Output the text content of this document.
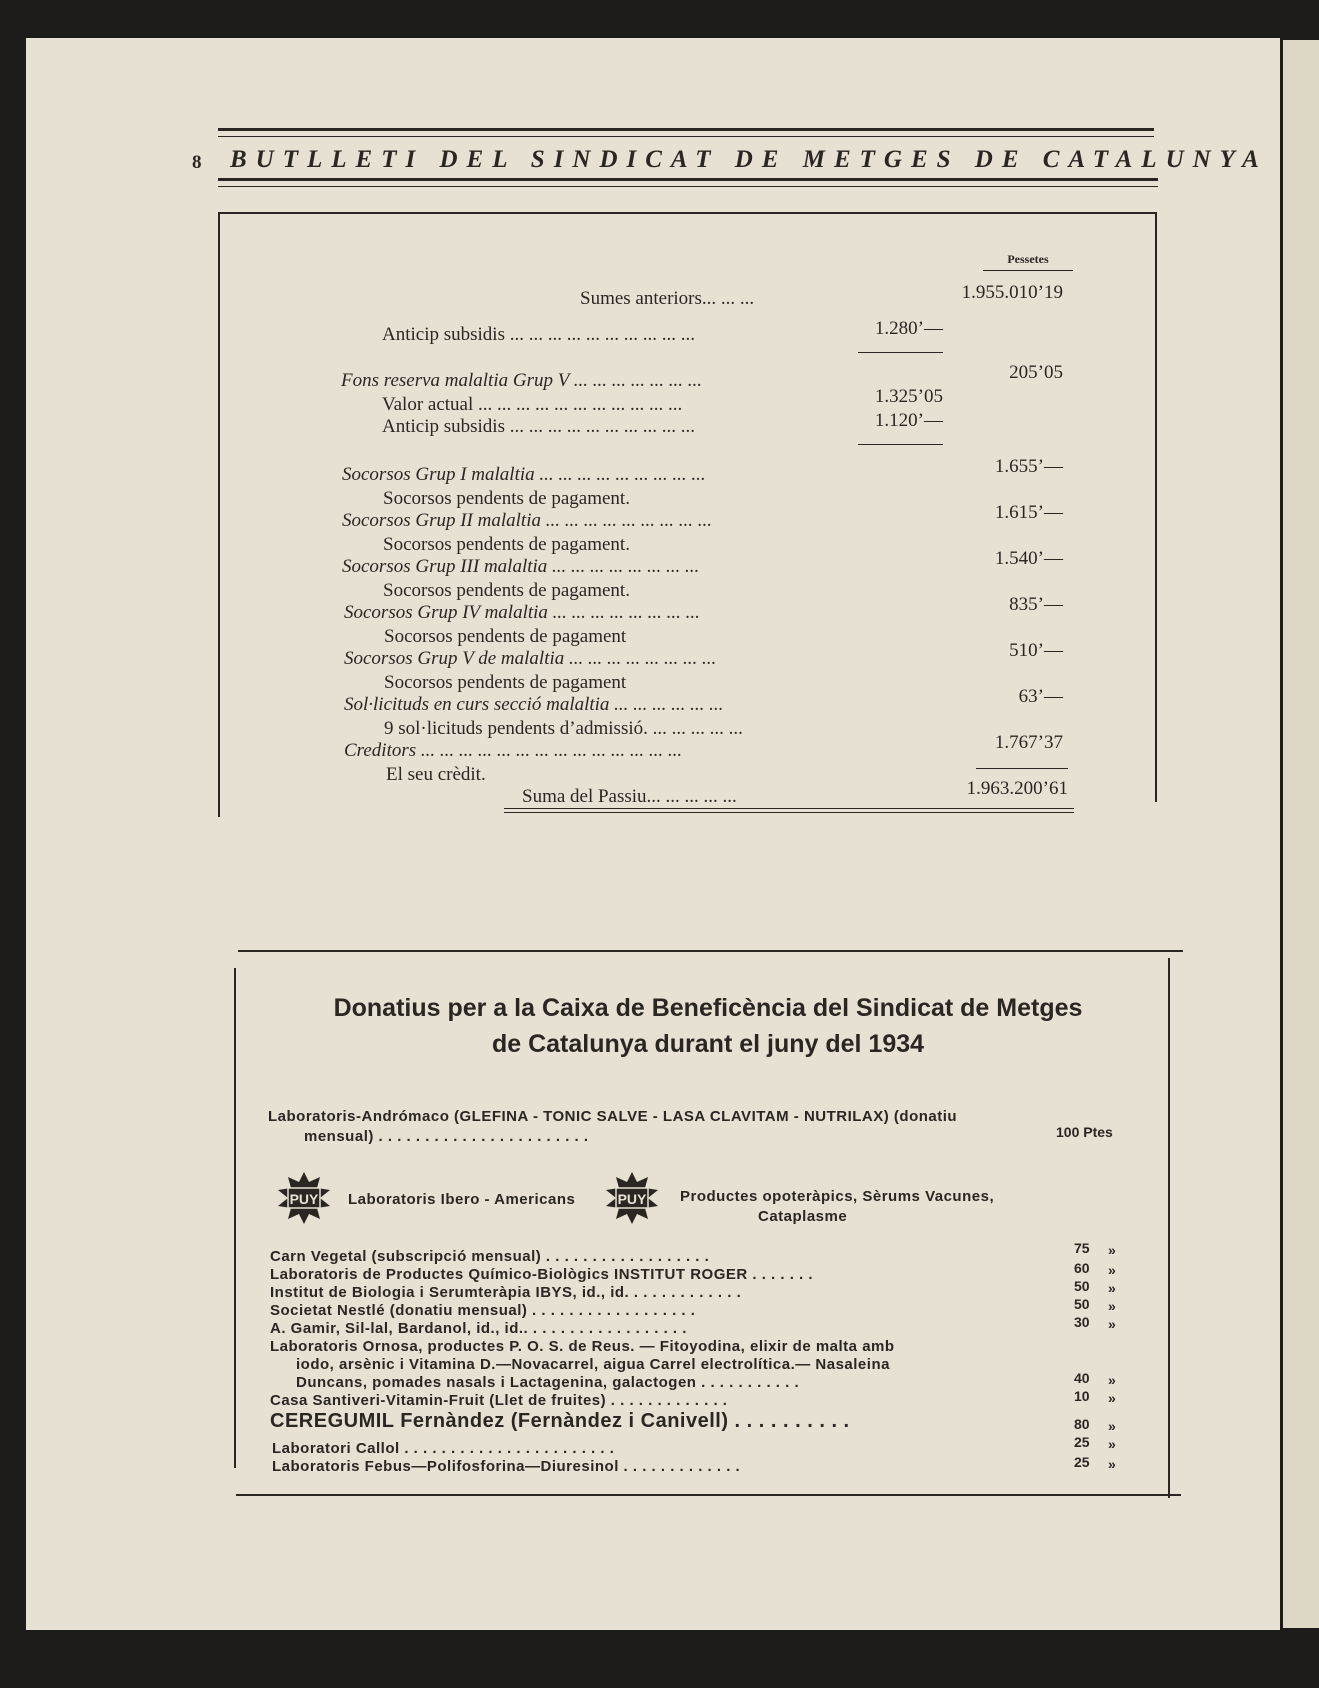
8 BUTLLETI DEL SINDICAT DE METGES DE CATALUNYA
Pessetes
Sumes anteriors... ... ...	1.955.010’19
Anticip subsidis ... ... ... ... ... ... ... ... ... ...	1.280’—
Fons reserva malaltia Grup V ... ... ... ... ... ... ...	205’05
Valor actual ... ... ... ... ... ... ... ... ... ... ...	1.325’05
Anticip subsidis ... ... ... ... ... ... ... ... ... ...	1.120’—
Socorsos Grup I malaltia ... ... ... ... ... ... ... ... ...	1.655’—
Socorsos pendents de pagament.
Socorsos Grup II malaltia ... ... ... ... ... ... ... ... ...	1.615’—
Socorsos pendents de pagament.
Socorsos Grup III malaltia ... ... ... ... ... ... ... ...	1.540’—
Socorsos pendents de pagament.
Socorsos Grup IV malaltia ... ... ... ... ... ... ... ...	835’—
Socorsos pendents de pagament
Socorsos Grup V de malaltia ... ... ... ... ... ... ... ...	510’—
Socorsos pendents de pagament
Sol·licituds en curs secció malaltia ... ... ... ... ... ...	63’—
9 sol·licituds pendents d’admissió. ... ... ... ... ...
Creditors ... ... ... ... ... ... ... ... ... ... ... ... ... ...	1.767’37
El seu crèdit.
Suma del Passiu... ... ... ... ...	1.963.200’61
Donatius per a la Caixa de Beneficència del Sindicat de Metges
de Catalunya durant el juny del 1934
Laboratoris-Andrómaco (GLEFINA - TONIC SALVE - LASA CLAVITAM - NUTRILAX) (donatiu
mensual) . . . . . . . . . . . . . . . . . . . . . . .	100 Ptes
PUY Laboratoris Ibero - Americans	PUY Productes opoteràpics, Sèrums Vacunes,
Cataplasme
Carn Vegetal (subscripció mensual) . . . . . . . . . . . . . . . . . .	75 »
Laboratoris de Productes Químico-Biològics INSTITUT ROGER . . . . . . .	60 »
Institut de Biologia i Serumteràpia IBYS, id., id. . . . . . . . . . . . .	50 »
Societat Nestlé (donatiu mensual) . . . . . . . . . . . . . . . . . .	50 »
A. Gamir, Sil-lal, Bardanol, id., id.. . . . . . . . . . . . . . . . . .	30 »
Laboratoris Ornosa, productes P. O. S. de Reus. — Fitoyodina, elixir de malta amb
iodo, arsènic i Vitamina D.—Novacarrel, aigua Carrel electrolítica.— Nasaleina
Duncans, pomades nasals i Lactagenina, galactogen . . . . . . . . . . .	40 »
Casa Santiveri-Vitamin-Fruit (Llet de fruites) . . . . . . . . . . . . .	10 »
CEREGUMIL Fernàndez (Fernàndez i Canivell) . . . . . . . . . .	80 »
Laboratori Callol . . . . . . . . . . . . . . . . . . . . . . .	25 »
Laboratoris Febus—Polifosforina—Diuresinol . . . . . . . . . . . . .	25 »
